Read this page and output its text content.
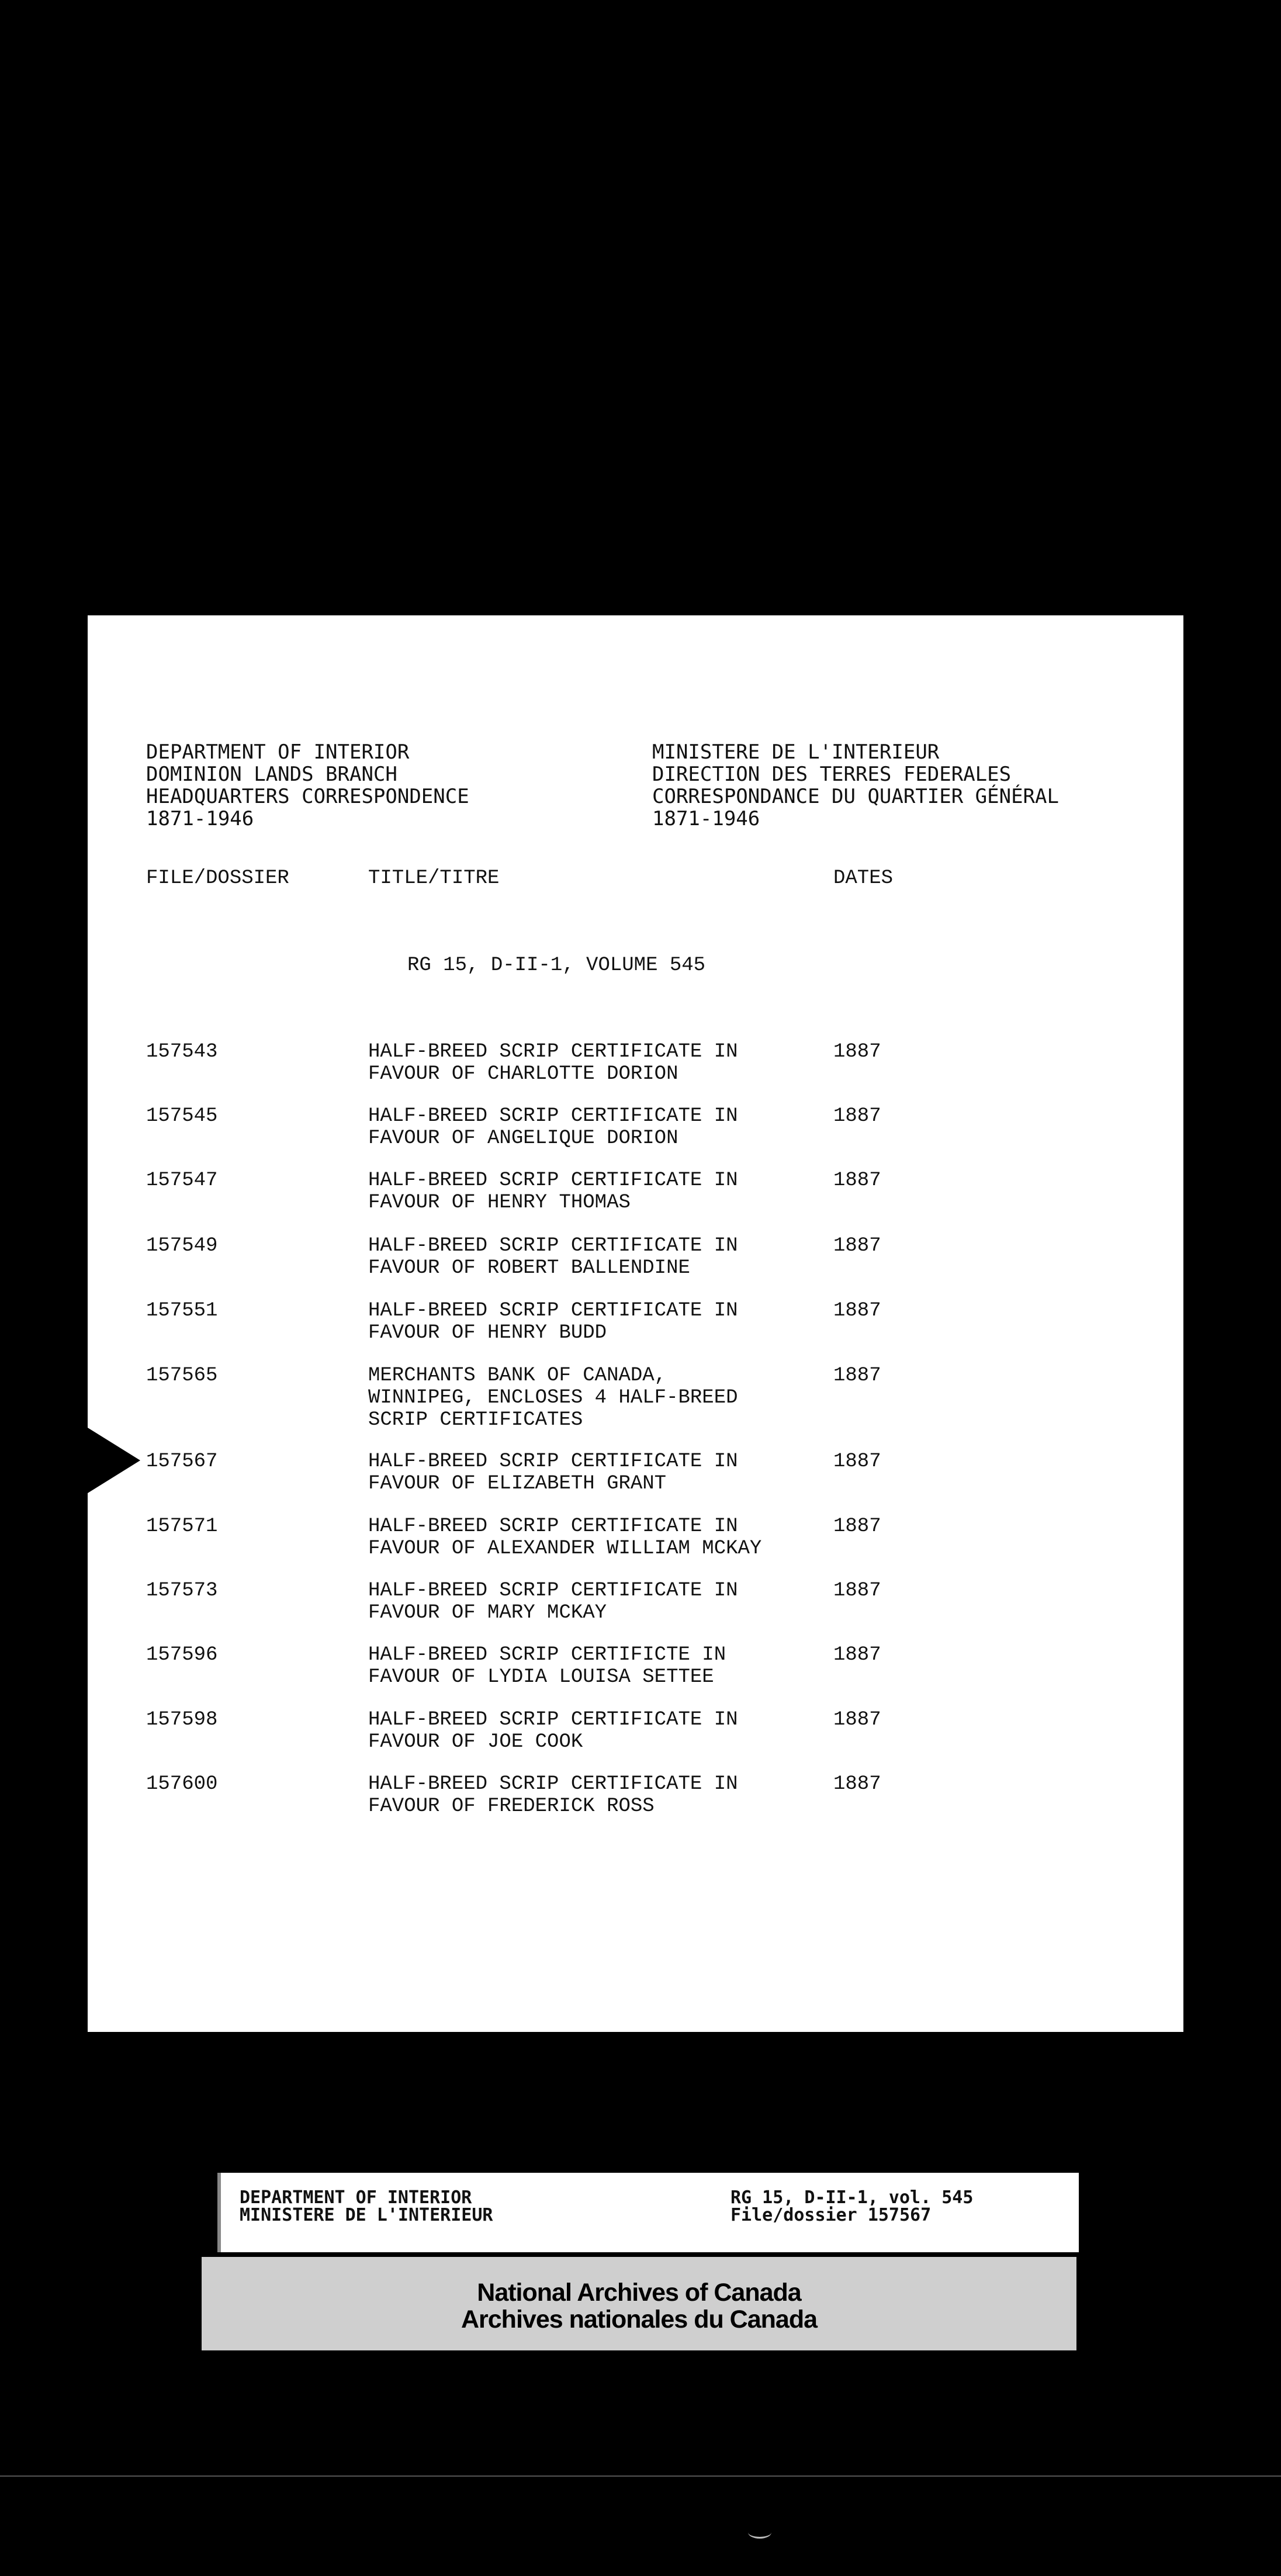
DEPARTMENT OF INTERIOR
DOMINION LANDS BRANCH
HEADQUARTERS CORRESPONDENCE
1871-1946
MINISTERE DE L'INTERIEUR
DIRECTION DES TERRES FEDERALES
CORRESPONDANCE DU QUARTIER GÉNÉRAL
1871-1946
FILE/DOSSIER	TITLE/TITRE	DATES
RG 15, D-II-1, VOLUME 545
157543	HALF-BREED SCRIP CERTIFICATE IN
FAVOUR OF CHARLOTTE DORION
1887
157545	HALF-BREED SCRIP CERTIFICATE IN
FAVOUR OF ANGELIQUE DORION
1887
157547	HALF-BREED SCRIP CERTIFICATE IN
FAVOUR OF HENRY THOMAS
1887
157549	HALF-BREED SCRIP CERTIFICATE IN
FAVOUR OF ROBERT BALLENDINE
1887
157551	HALF-BREED SCRIP CERTIFICATE IN
FAVOUR OF HENRY BUDD
1887
157565	MERCHANTS BANK OF CANADA,
WINNIPEG, ENCLOSES 4 HALF-BREED
SCRIP CERTIFICATES
1887
157567	HALF-BREED SCRIP CERTIFICATE IN
FAVOUR OF ELIZABETH GRANT
1887
157571	HALF-BREED SCRIP CERTIFICATE IN
FAVOUR OF ALEXANDER WILLIAM MCKAY
1887
157573	HALF-BREED SCRIP CERTIFICATE IN
FAVOUR OF MARY MCKAY
1887
157596	HALF-BREED SCRIP CERTIFICTE IN
FAVOUR OF LYDIA LOUISA SETTEE
1887
157598	HALF-BREED SCRIP CERTIFICATE IN
FAVOUR OF JOE COOK
1887
157600	HALF-BREED SCRIP CERTIFICATE IN
FAVOUR OF FREDERICK ROSS
1887
DEPARTMENT OF INTERIOR
MINISTERE DE L'INTERIEUR
RG 15, D-II-1, vol. 545
File/dossier 157567
National Archives of Canada
Archives nationales du Canada
